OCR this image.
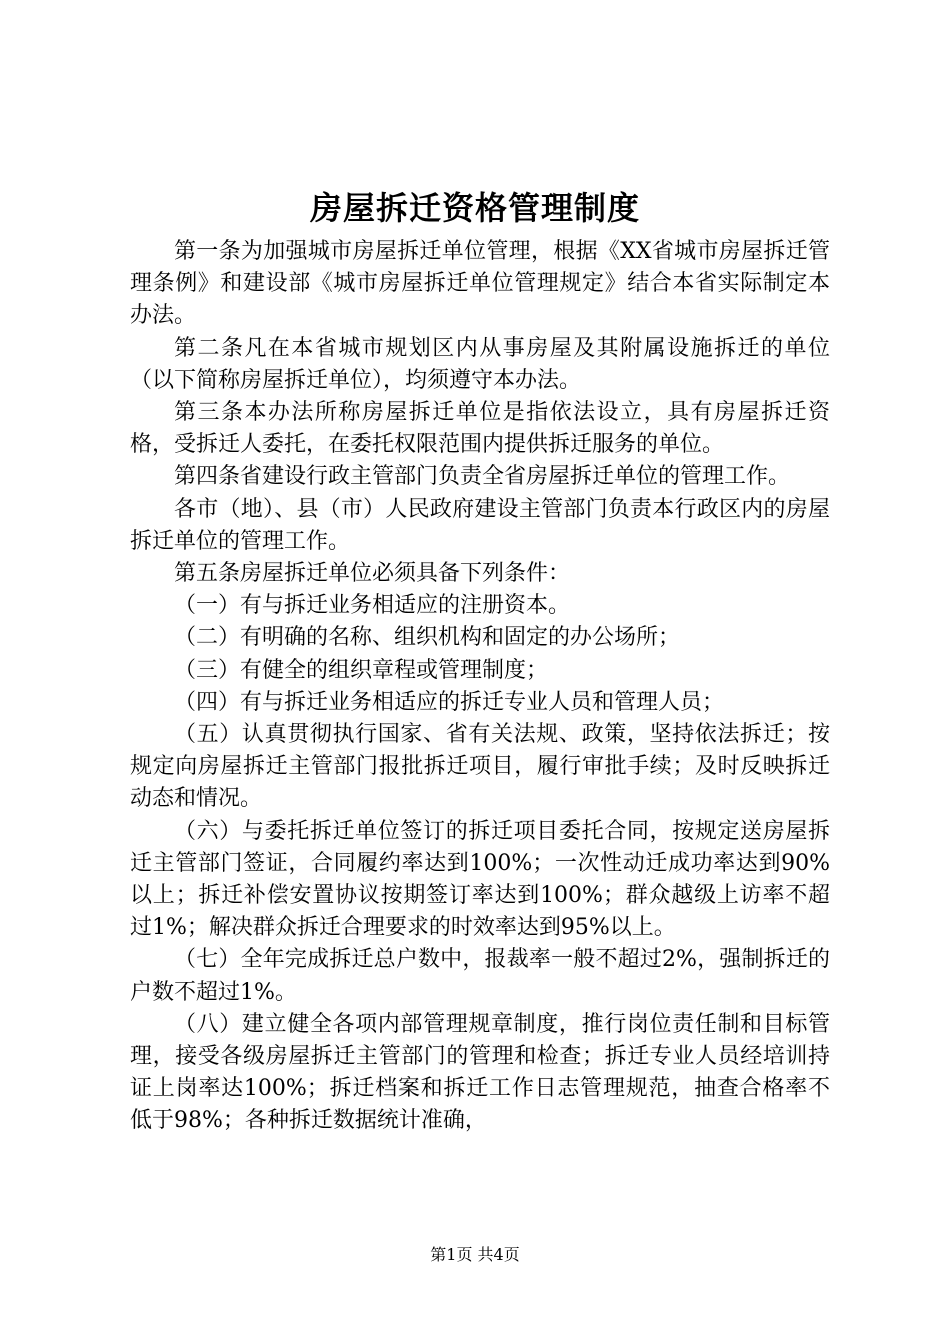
房屋拆迁资格管理制度

第一条为加强城市房屋拆迁单位管理，根据《XX省城市房屋拆迁管理条例》和建设部《城市房屋拆迁单位管理规定》结合本省实际制定本办法。

第二条凡在本省城市规划区内从事房屋及其附属设施拆迁的单位（以下简称房屋拆迁单位），均须遵守本办法。

第三条本办法所称房屋拆迁单位是指依法设立，具有房屋拆迁资格，受拆迁人委托，在委托权限范围内提供拆迁服务的单位。

第四条省建设行政主管部门负责全省房屋拆迁单位的管理工作。

各市（地）、县（市）人民政府建设主管部门负责本行政区内的房屋拆迁单位的管理工作。

第五条房屋拆迁单位必须具备下列条件：

（一）有与拆迁业务相适应的注册资本。

（二）有明确的名称、组织机构和固定的办公场所；

（三）有健全的组织章程或管理制度；

（四）有与拆迁业务相适应的拆迁专业人员和管理人员；

（五）认真贯彻执行国家、省有关法规、政策，坚持依法拆迁；按规定向房屋拆迁主管部门报批拆迁项目，履行审批手续；及时反映拆迁动态和情况。

（六）与委托拆迁单位签订的拆迁项目委托合同，按规定送房屋拆迁主管部门签证，合同履约率达到100%；一次性动迁成功率达到90%以上；拆迁补偿安置协议按期签订率达到100%；群众越级上访率不超过1%；解决群众拆迁合理要求的时效率达到95%以上。

（七）全年完成拆迁总户数中，报裁率一般不超过2%，强制拆迁的户数不超过1%。

（八）建立健全各项内部管理规章制度，推行岗位责任制和目标管理，接受各级房屋拆迁主管部门的管理和检查；拆迁专业人员经培训持证上岗率达100%；拆迁档案和拆迁工作日志管理规范，抽查合格率不低于98%；各种拆迁数据统计准确，

第1页 共4页
